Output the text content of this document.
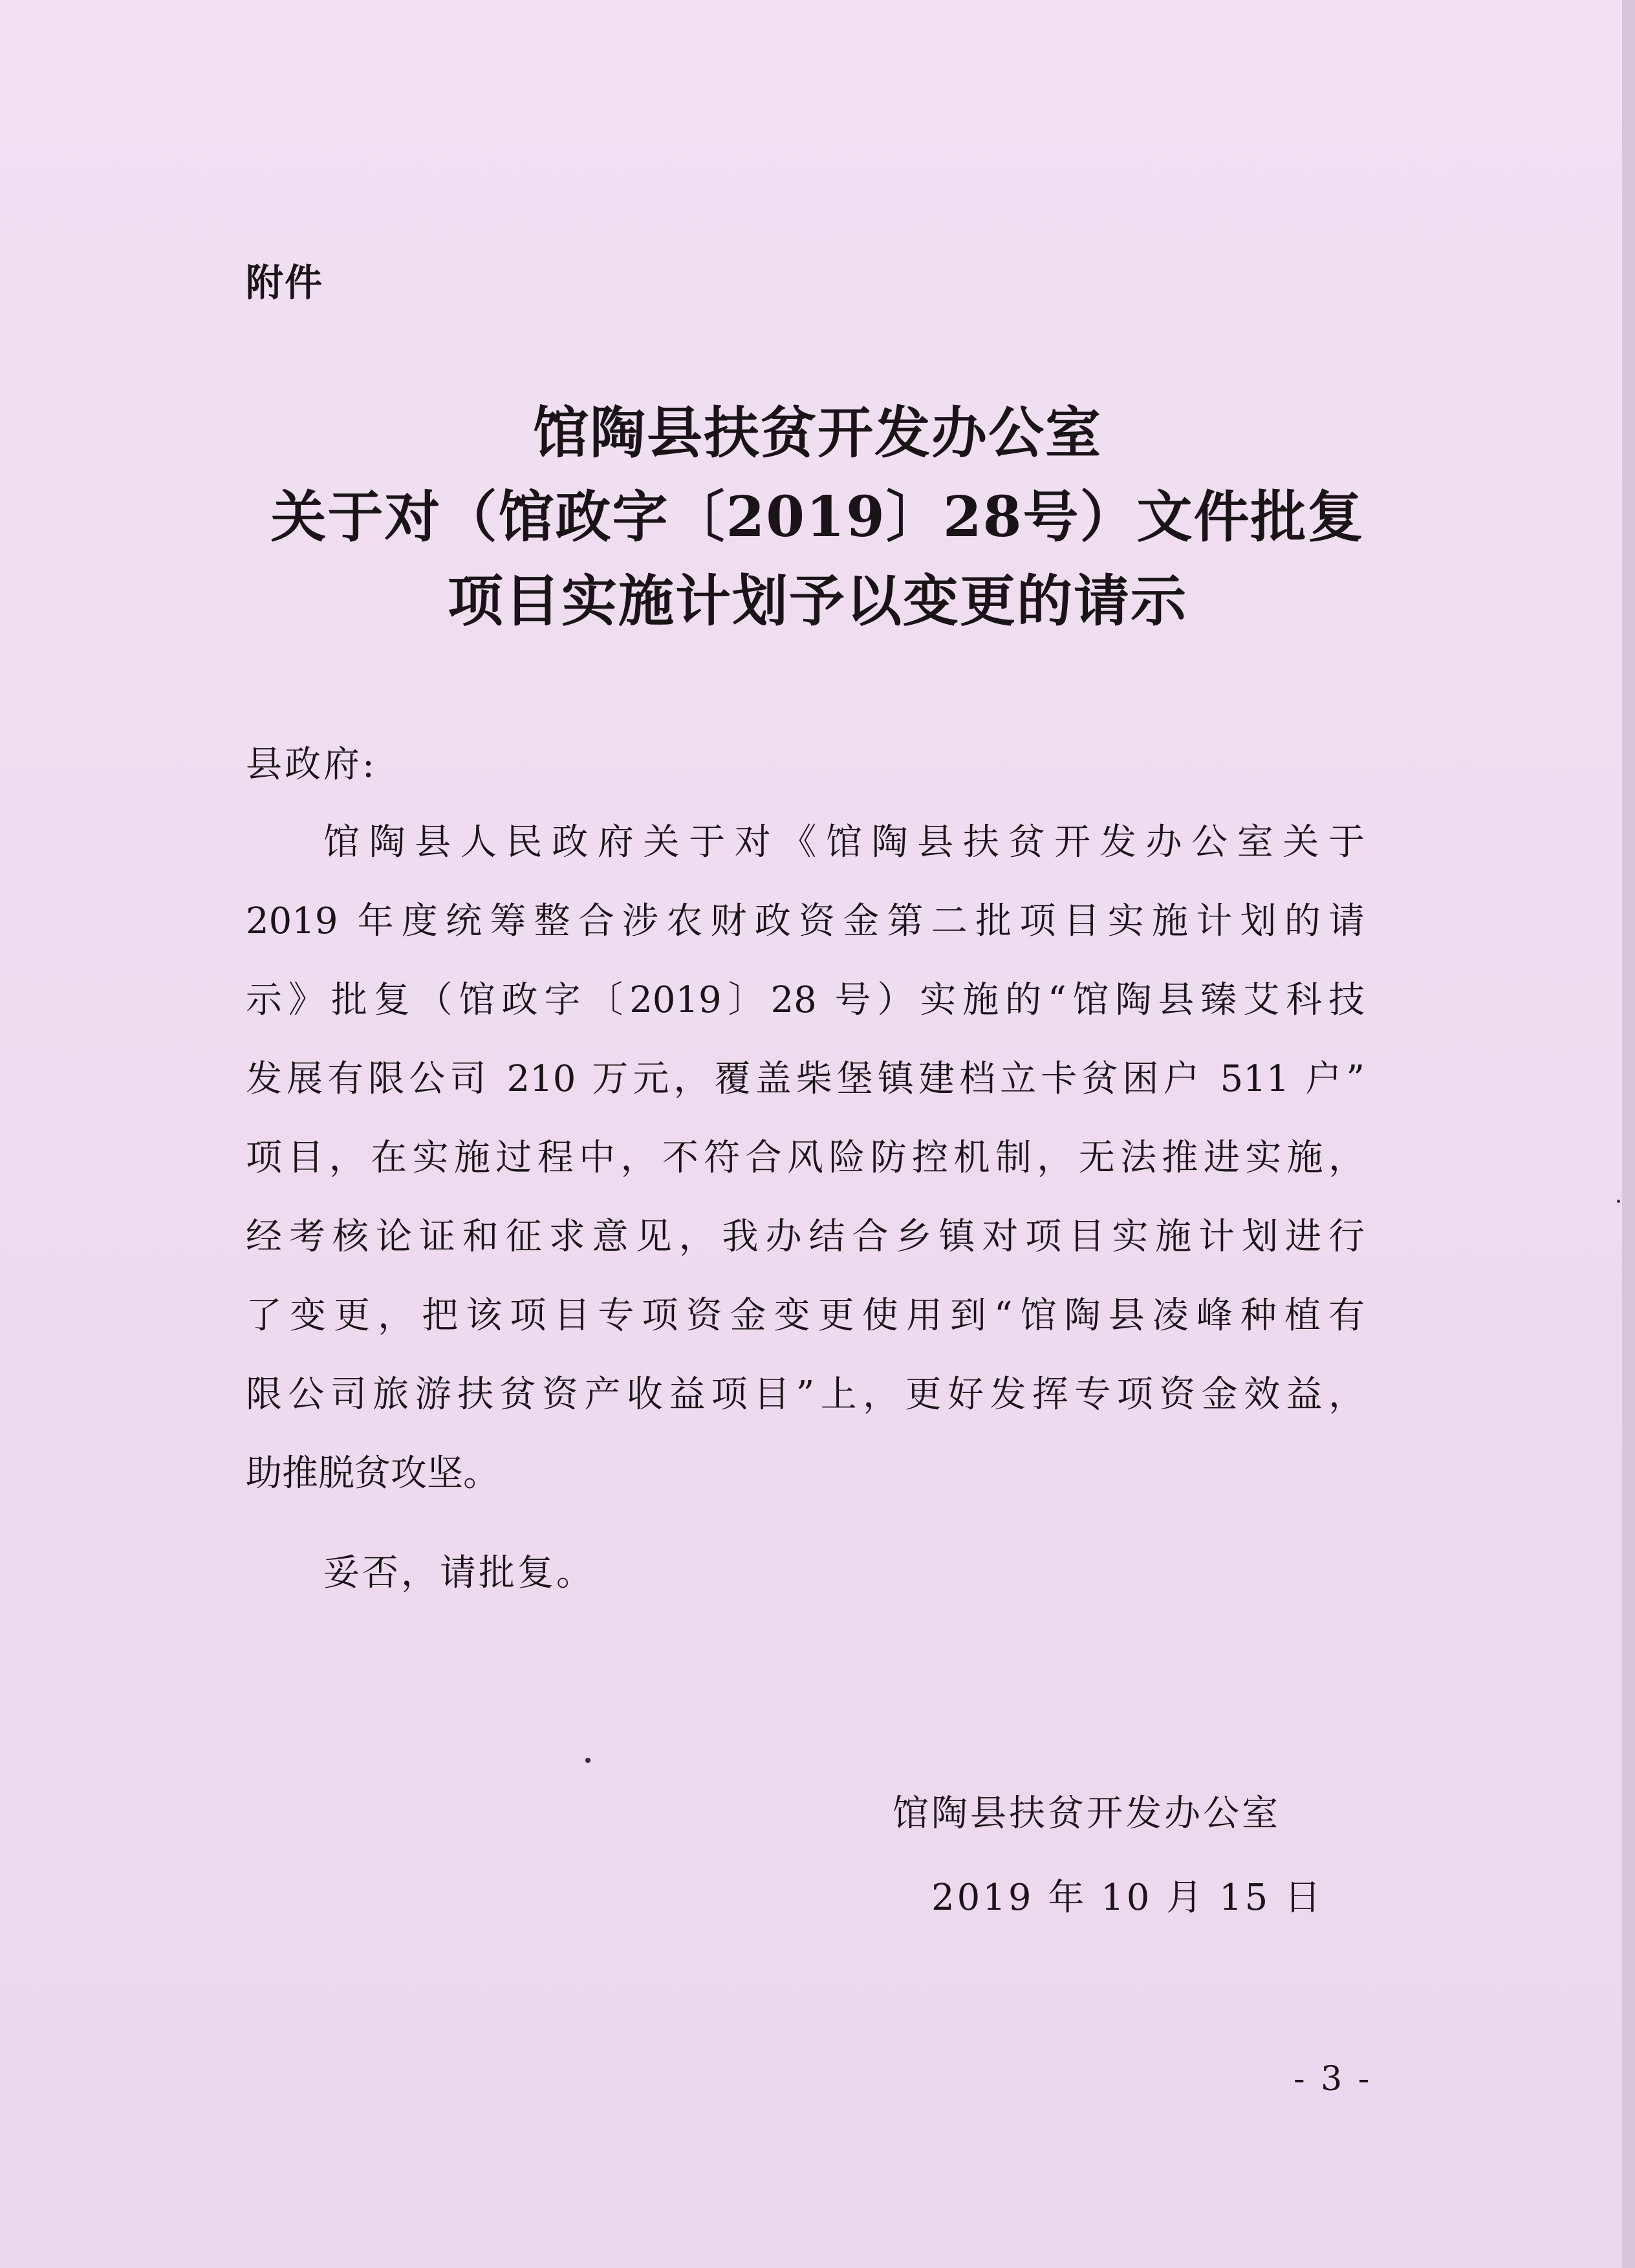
附件
馆陶县扶贫开发办公室
关于对（馆政字〔2019〕28号）文件批复
项目实施计划予以变更的请示
县政府:
馆陶县人民政府关于对《馆陶县扶贫开发办公室关于
2019 年度统筹整合涉农财政资金第二批项目实施计划的请
示》批复（馆政字〔2019〕28 号）实施的“馆陶县臻艾科技
发展有限公司 210 万元，覆盖柴堡镇建档立卡贫困户 511 户”
项目，在实施过程中，不符合风险防控机制，无法推进实施，
经考核论证和征求意见，我办结合乡镇对项目实施计划进行
了变更，把该项目专项资金变更使用到“馆陶县凌峰种植有
限公司旅游扶贫资产收益项目”上，更好发挥专项资金效益，
助推脱贫攻坚。
妥否，请批复。
馆陶县扶贫开发办公室
2019 年 10 月 15 日
- 3 -
